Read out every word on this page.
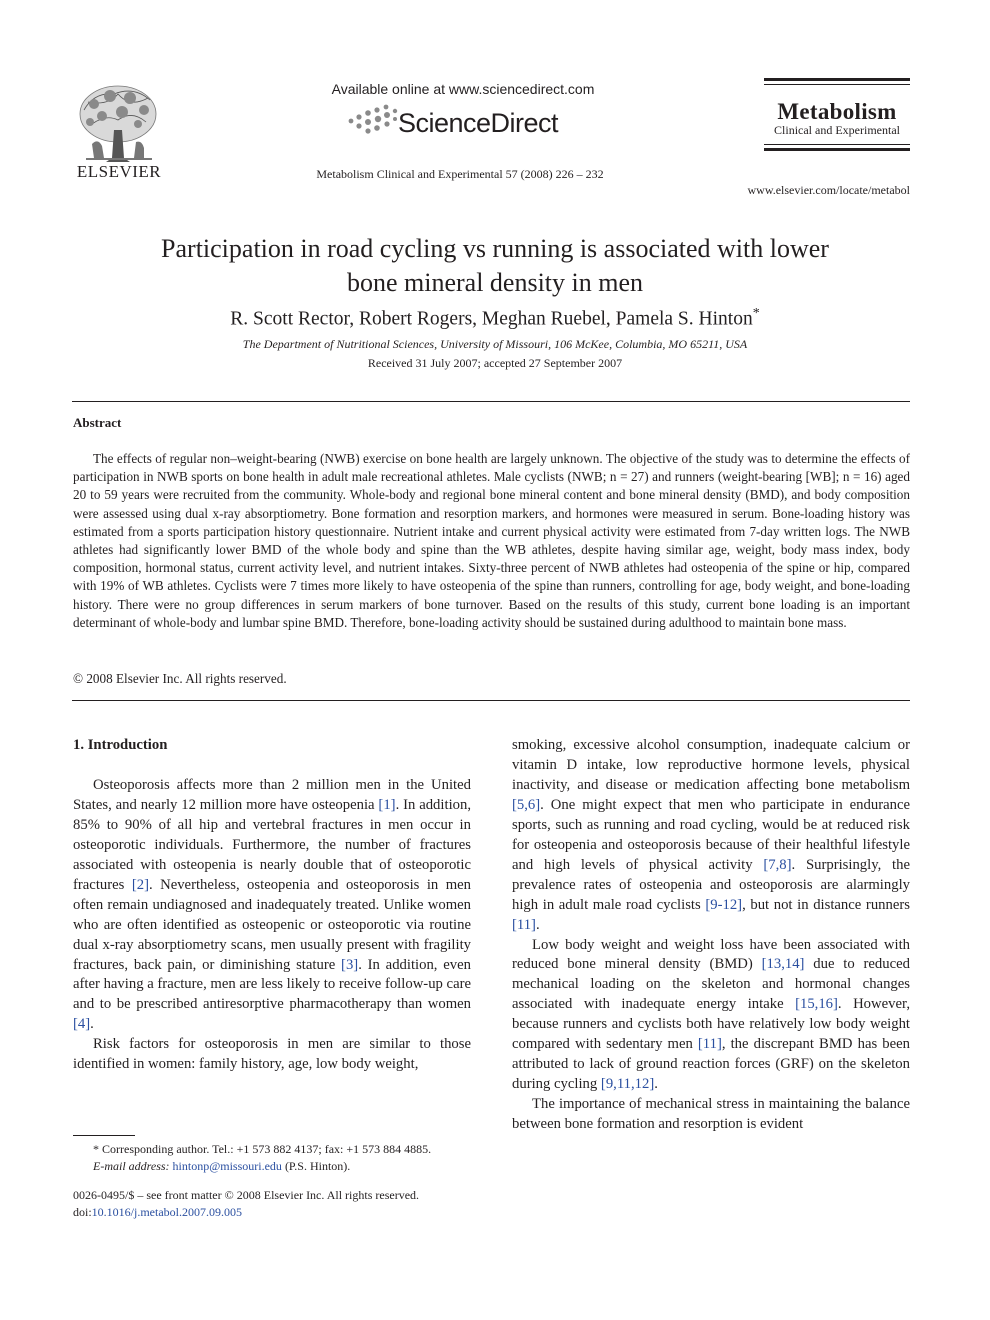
ELSEVIER
Available online at www.sciencedirect.com
ScienceDirect
Metabolism Clinical and Experimental 57 (2008) 226 – 232
Metabolism
Clinical and Experimental
www.elsevier.com/locate/metabol
Participation in road cycling vs running is associated with lower
bone mineral density in men
R. Scott Rector, Robert Rogers, Meghan Ruebel, Pamela S. Hinton*
The Department of Nutritional Sciences, University of Missouri, 106 McKee, Columbia, MO 65211, USA
Received 31 July 2007; accepted 27 September 2007
Abstract
The effects of regular non–weight-bearing (NWB) exercise on bone health are largely unknown. The objective of the study was to determine the effects of participation in NWB sports on bone health in adult male recreational athletes. Male cyclists (NWB; n = 27) and runners (weight-bearing [WB]; n = 16) aged 20 to 59 years were recruited from the community. Whole-body and regional bone mineral content and bone mineral density (BMD), and body composition were assessed using dual x-ray absorptiometry. Bone formation and resorption markers, and hormones were measured in serum. Bone-loading history was estimated from a sports participation history questionnaire. Nutrient intake and current physical activity were estimated from 7-day written logs. The NWB athletes had significantly lower BMD of the whole body and spine than the WB athletes, despite having similar age, weight, body mass index, body composition, hormonal status, current activity level, and nutrient intakes. Sixty-three percent of NWB athletes had osteopenia of the spine or hip, compared with 19% of WB athletes. Cyclists were 7 times more likely to have osteopenia of the spine than runners, controlling for age, body weight, and bone-loading history. There were no group differences in serum markers of bone turnover. Based on the results of this study, current bone loading is an important determinant of whole-body and lumbar spine BMD. Therefore, bone-loading activity should be sustained during adulthood to maintain bone mass.
© 2008 Elsevier Inc. All rights reserved.

1. Introduction

Osteoporosis affects more than 2 million men in the United States, and nearly 12 million more have osteopenia [1]. In addition, 85% to 90% of all hip and vertebral fractures in men occur in osteoporotic individuals. Furthermore, the number of fractures associated with osteopenia is nearly double that of osteoporotic fractures [2]. Nevertheless, osteopenia and osteoporosis in men often remain undiagnosed and inadequately treated. Unlike women who are often identified as osteopenic or osteoporotic via routine dual x-ray absorptiometry scans, men usually present with fragility fractures, back pain, or diminishing stature [3]. In addition, even after having a fracture, men are less likely to receive follow-up care and to be prescribed antiresorptive pharmacotherapy than women [4].

Risk factors for osteoporosis in men are similar to those identified in women: family history, age, low body weight,

smoking, excessive alcohol consumption, inadequate calcium or vitamin D intake, low reproductive hormone levels, physical inactivity, and disease or medication affecting bone metabolism [5,6]. One might expect that men who participate in endurance sports, such as running and road cycling, would be at reduced risk for osteopenia and osteoporosis because of their healthful lifestyle and high levels of physical activity [7,8]. Surprisingly, the prevalence rates of osteopenia and osteoporosis are alarmingly high in adult male road cyclists [9-12], but not in distance runners [11].

Low body weight and weight loss have been associated with reduced bone mineral density (BMD) [13,14] due to reduced mechanical loading on the skeleton and hormonal changes associated with inadequate energy intake [15,16]. However, because runners and cyclists both have relatively low body weight compared with sedentary men [11], the discrepant BMD has been attributed to lack of ground reaction forces (GRF) on the skeleton during cycling [9,11,12].

The importance of mechanical stress in maintaining the balance between bone formation and resorption is evident

* Corresponding author. Tel.: +1 573 882 4137; fax: +1 573 884 4885.
E-mail address: hintonp@missouri.edu (P.S. Hinton).
0026-0495/$ – see front matter © 2008 Elsevier Inc. All rights reserved.
doi:10.1016/j.metabol.2007.09.005
